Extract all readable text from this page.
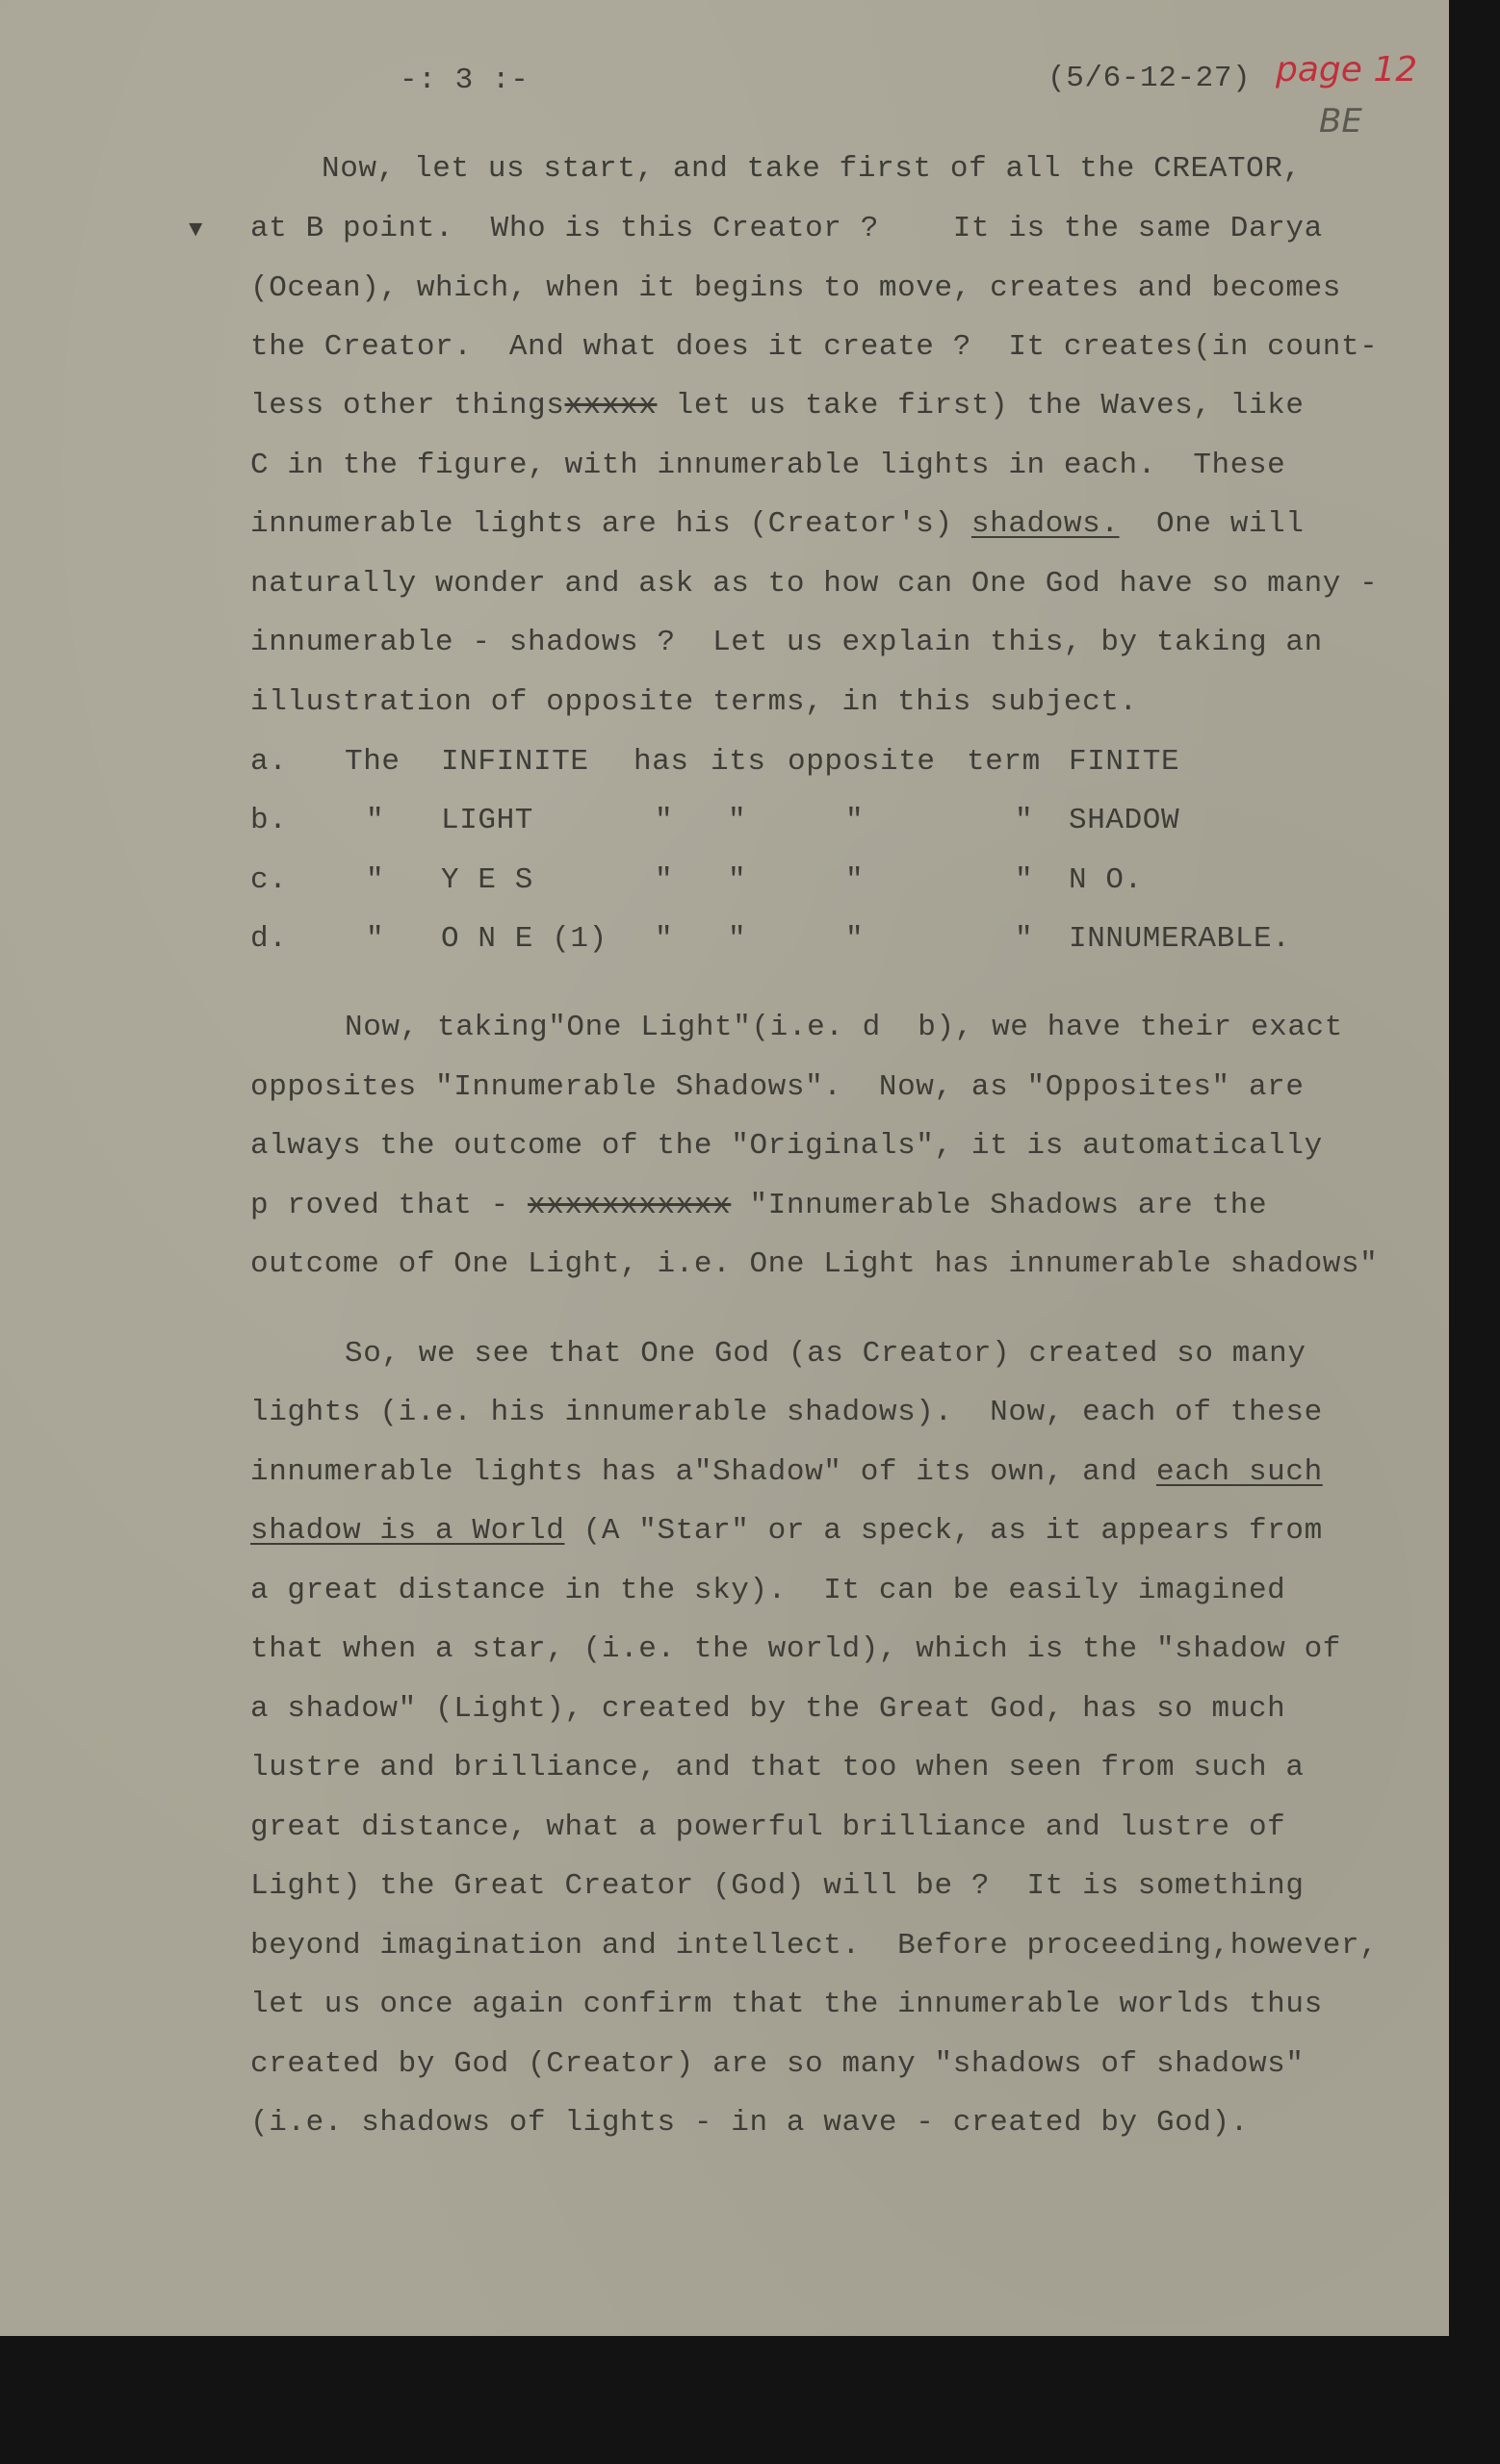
-: 3 :-	(5/6-12-27) page 12
BE
Now, let us start, and take first of all the CREATOR,
▼ at B point.  Who is this Creator ?    It is the same Darya
(Ocean), which, when it begins to move, creates and becomes
the Creator.  And what does it create ?  It creates(in count-
less other thingsxxxxx let us take first) the Waves, like
C in the figure, with innumerable lights in each.  These
innumerable lights are his (Creator's) shadows.  One will
naturally wonder and ask as to how can One God have so many -
innumerable - shadows ?  Let us explain this, by taking an
illustration of opposite terms, in this subject.
a. The INFINITE has its opposite term FINITE
b.	" LIGHT	" "	"	" SHADOW
c.	" Y E S	" "	"	" N O.
d.	" O N E (1) " "	"	" INNUMERABLE.
Now, taking"One Light"(i.e. d  b), we have their exact
opposites "Innumerable Shadows".  Now, as "Opposites" are
always the outcome of the "Originals", it is automatically
p roved that - xxxxxxxxxxx "Innumerable Shadows are the
outcome of One Light, i.e. One Light has innumerable shadows"
So, we see that One God (as Creator) created so many
lights (i.e. his innumerable shadows).  Now, each of these
innumerable lights has a"Shadow" of its own, and each such
shadow is a World (A "Star" or a speck, as it appears from
a great distance in the sky).  It can be easily imagined
that when a star, (i.e. the world), which is the "shadow of
a shadow" (Light), created by the Great God, has so much
lustre and brilliance, and that too when seen from such a
great distance, what a powerful brilliance and lustre of
Light) the Great Creator (God) will be ?  It is something
beyond imagination and intellect.  Before proceeding,however,
let us once again confirm that the innumerable worlds thus
created by God (Creator) are so many "shadows of shadows"
(i.e. shadows of lights - in a wave - created by God).
